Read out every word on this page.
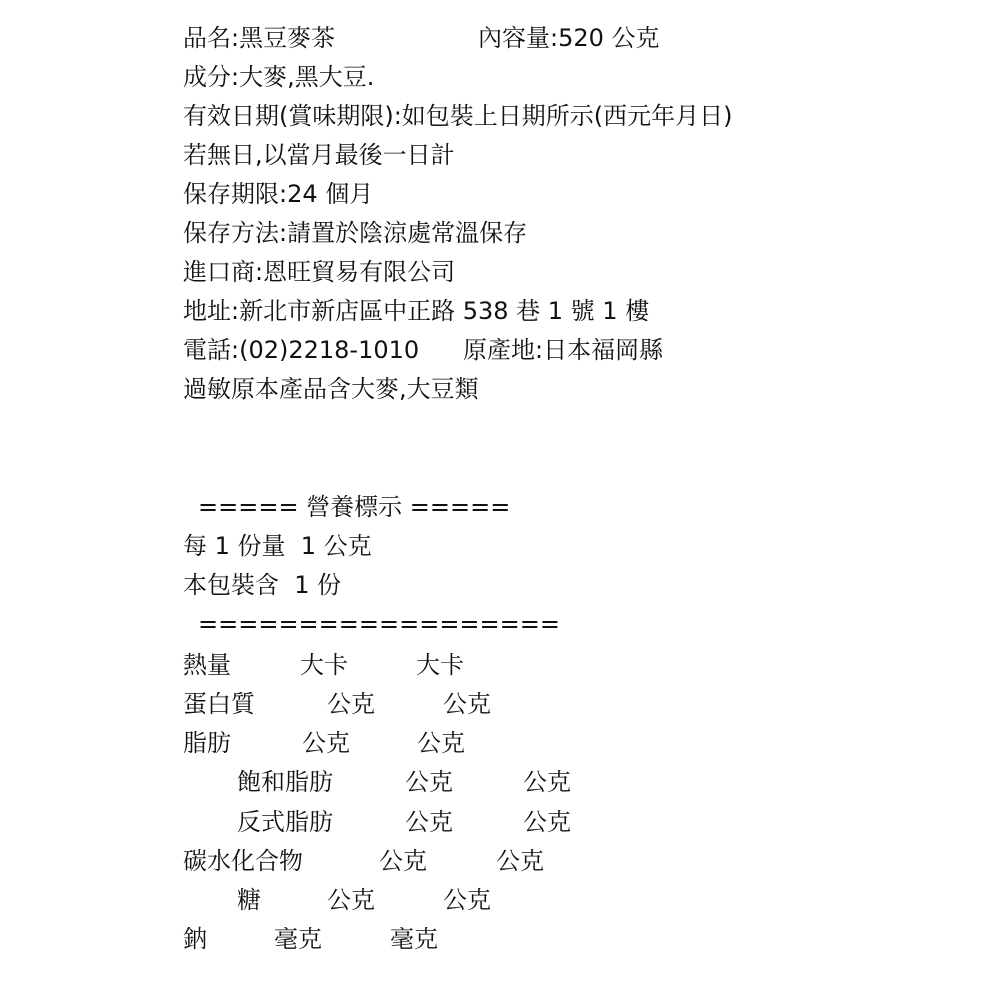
品名:黑豆麥茶	內容量:520 公克
成分:大麥,黑大豆.
有效日期(賞味期限):如包裝上日期所示(西元年月日)
若無日,以當月最後一日計
保存期限:24 個月
保存方法:請置於陰涼處常溫保存
進口商:恩旺貿易有限公司
地址:新北市新店區中正路 538 巷 1 號 1 樓
電話:(02)2218-1010 原產地:日本福岡縣
過敏原本產品含大麥,大豆類
===== 營養標示 =====
每 1 份量  1 公克
本包裝含  1 份
==================
熱量	大卡	大卡
蛋白質	公克	公克
脂肪	公克	公克
飽和脂肪	公克	公克
反式脂肪	公克	公克
碳水化合物	公克	公克
糖	公克	公克
鈉	毫克	毫克
